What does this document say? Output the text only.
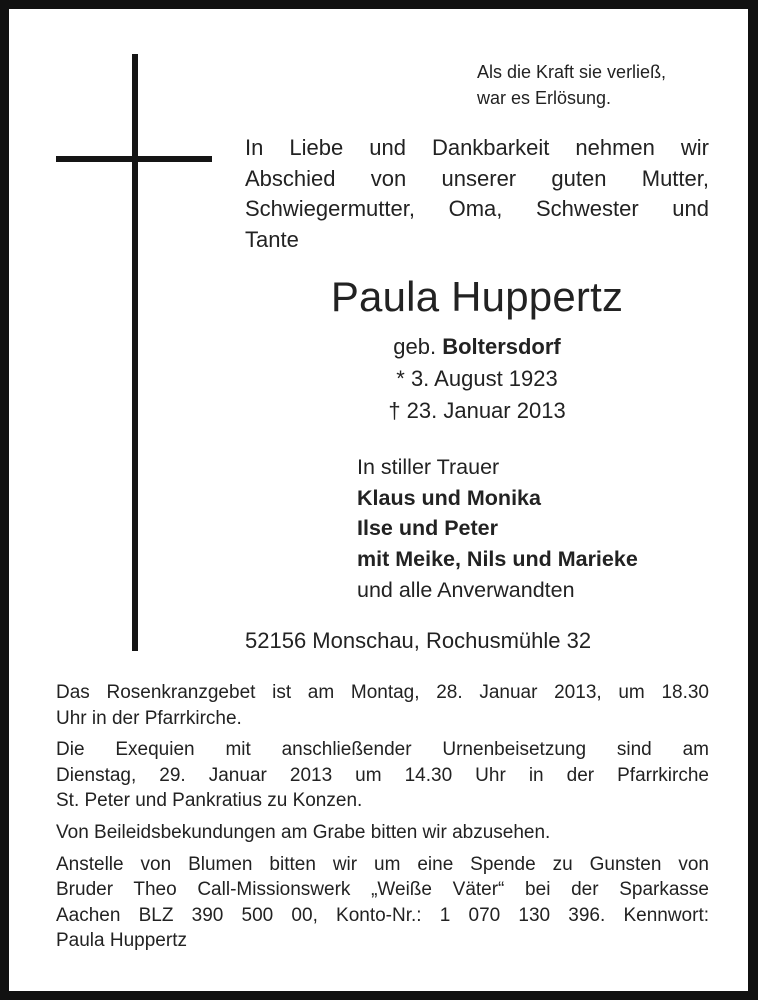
Als die Kraft sie verließ,
war es Erlösung.
In Liebe und Dankbarkeit nehmen wir
Abschied von unserer guten Mutter,
Schwiegermutter, Oma, Schwester und
Tante
Paula Huppertz
geb. Boltersdorf
* 3. August 1923
† 23. Januar 2013
In stiller Trauer
Klaus und Monika
Ilse und Peter
mit Meike, Nils und Marieke
und alle Anverwandten
52156 Monschau, Rochusmühle 32

Das Rosenkranzgebet ist am Montag, 28. Januar 2013, um 18.30
Uhr in der Pfarrkirche.

Die Exequien mit anschließender Urnenbeisetzung sind am
Dienstag, 29. Januar 2013 um 14.30 Uhr in der Pfarrkirche
St. Peter und Pankratius zu Konzen.

Von Beileidsbekundungen am Grabe bitten wir abzusehen.

Anstelle von Blumen bitten wir um eine Spende zu Gunsten von
Bruder Theo Call-Missionswerk „Weiße Väter“ bei der Sparkasse
Aachen BLZ 390 500 00, Konto-Nr.: 1 070 130 396. Kennwort:
Paula Huppertz
